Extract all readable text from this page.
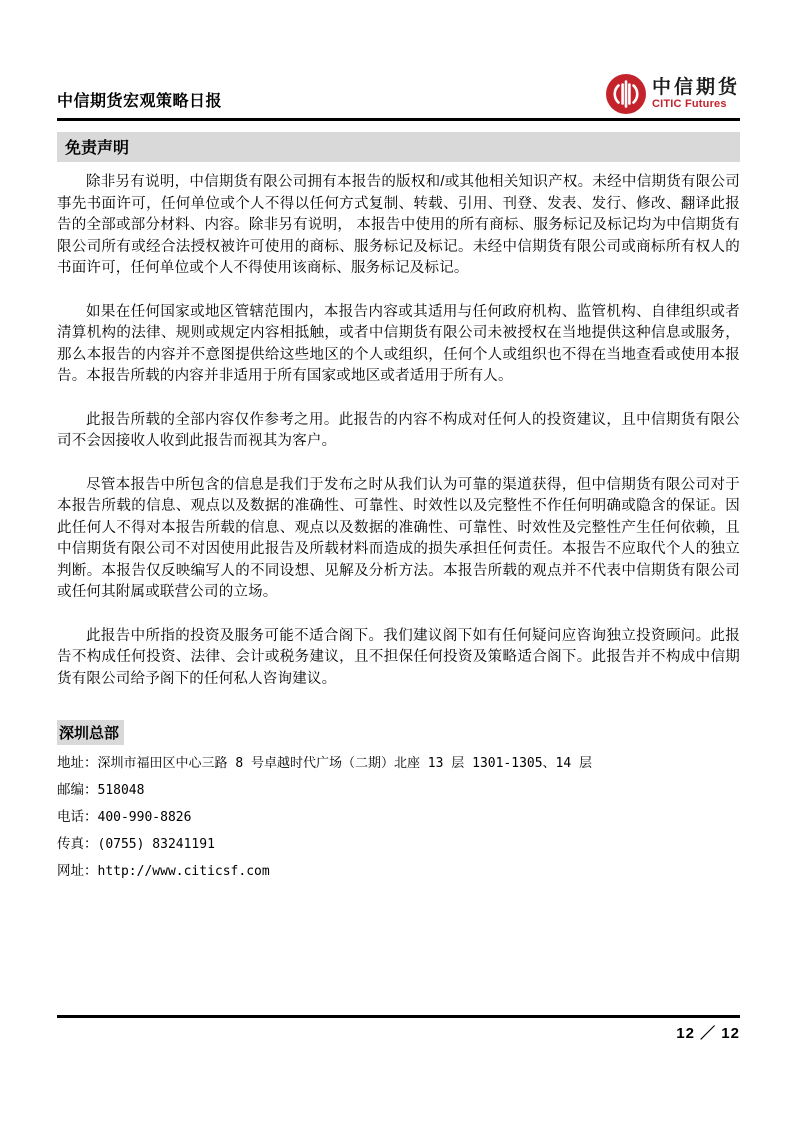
中信期货宏观策略日报
中信期货
CITIC Futures
免责声明

除非另有说明，中信期货有限公司拥有本报告的版权和/或其他相关知识产权。未经中信期货有限公司事先书面许可，任何单位或个人不得以任何方式复制、转载、引用、刊登、发表、发行、修改、翻译此报告的全部或部分材料、内容。除非另有说明， 本报告中使用的所有商标、服务标记及标记均为中信期货有限公司所有或经合法授权被许可使用的商标、服务标记及标记。未经中信期货有限公司或商标所有权人的书面许可，任何单位或个人不得使用该商标、服务标记及标记。

如果在任何国家或地区管辖范围内，本报告内容或其适用与任何政府机构、监管机构、自律组织或者清算机构的法律、规则或规定内容相抵触，或者中信期货有限公司未被授权在当地提供这种信息或服务，那么本报告的内容并不意图提供给这些地区的个人或组织，任何个人或组织也不得在当地查看或使用本报告。本报告所载的内容并非适用于所有国家或地区或者适用于所有人。

此报告所载的全部内容仅作参考之用。此报告的内容不构成对任何人的投资建议，且中信期货有限公司不会因接收人收到此报告而视其为客户。

尽管本报告中所包含的信息是我们于发布之时从我们认为可靠的渠道获得，但中信期货有限公司对于本报告所载的信息、观点以及数据的准确性、可靠性、时效性以及完整性不作任何明确或隐含的保证。因此任何人不得对本报告所载的信息、观点以及数据的准确性、可靠性、时效性及完整性产生任何依赖，且中信期货有限公司不对因使用此报告及所载材料而造成的损失承担任何责任。本报告不应取代个人的独立判断。本报告仅反映编写人的不同设想、见解及分析方法。本报告所载的观点并不代表中信期货有限公司或任何其附属或联营公司的立场。

此报告中所指的投资及服务可能不适合阁下。我们建议阁下如有任何疑问应咨询独立投资顾问。此报告不构成任何投资、法律、会计或税务建议，且不担保任何投资及策略适合阁下。此报告并不构成中信期货有限公司给予阁下的任何私人咨询建议。

深圳总部
地址：深圳市福田区中心三路 8 号卓越时代广场（二期）北座 13 层 1301-1305、14 层
邮编：518048
电话：400-990-8826
传真：(0755) 83241191
网址：http://www.citicsf.com
12 ／ 12
